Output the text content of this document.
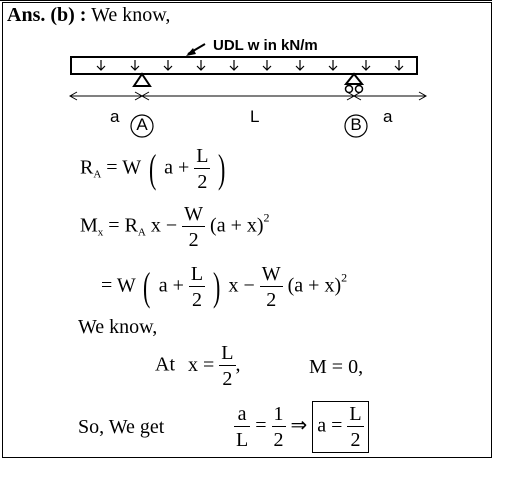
Ans. (b) : We know,
UDL w in kN/m
a	L	a
A	B
$R_A = W$ ( $a + \frac{L}{2}$ )
$M_x = R_A$ $x - \frac{W}{2} (a + x)^2$
= W ( $a + \frac{L}{2}$ ) $x - \frac{W}{2} (a + x)^2$
We know,
At $x = \frac{L}{2}$ ,	M = 0,
So, We get	$\frac{a}{L} = \frac{1}{2}$ ⇒ $a = \frac{L}{2}$
